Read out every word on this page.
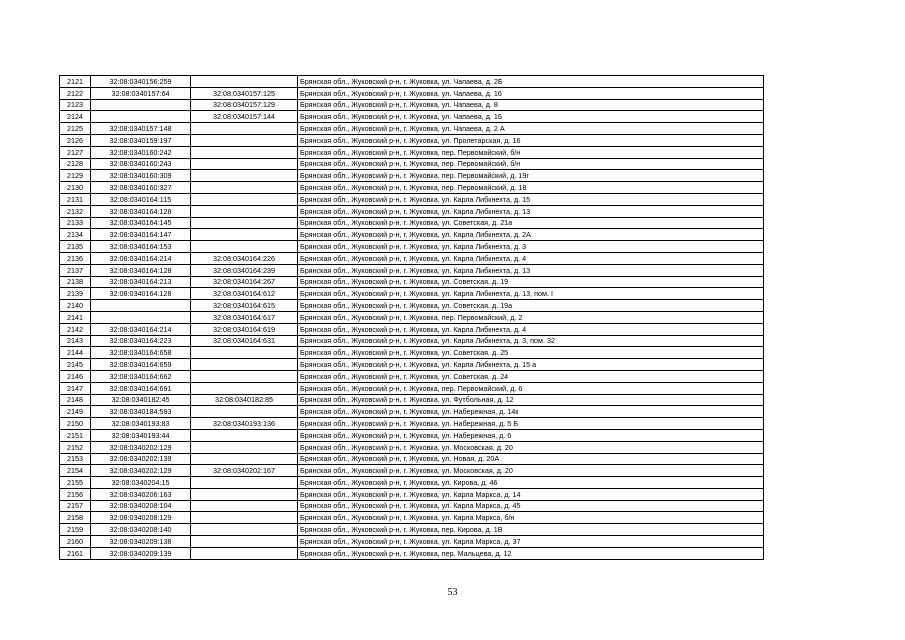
2121	32:08:0340156:259		Брянская обл., Жуковский р-н, г. Жуковка, ул. Чапаева, д. 2Б
2122	32:08:0340157:64	32:08:0340157:125	Брянская обл., Жуковский р-н, г. Жуковка, ул. Чапаева, д. 16
2123		32:08:0340157:129	Брянская обл., Жуковский р-н, г. Жуковка, ул. Чапаева, д. 8
2124		32:08:0340157:144	Брянская обл., Жуковский р-н, г. Жуковка, ул. Чапаева, д. 16
2125	32:08:0340157:148		Брянская обл., Жуковский р-н, г. Жуковка, ул. Чапаева, д. 2 А
2126	32:08:0340159:197		Брянская обл., Жуковский р-н, г. Жуковка, ул. Пролетарская, д. 16
2127	32:08:0340160:242		Брянская обл., Жуковский р-н, г. Жуковка, пер. Первомайский, б/н
2128	32:08:0340160:243		Брянская обл., Жуковский р-н, г. Жуковка, пер. Первомайский, б/н
2129	32:08:0340160:309		Брянская обл., Жуковский р-н, г. Жуковка, пер. Первомайский, д. 19г
2130	32:08:0340160:327		Брянская обл., Жуковский р-н, г. Жуковка, пер. Первомайский, д. 18
2131	32:08:0340164:115		Брянская обл., Жуковский р-н, г. Жуковка, ул. Карла Либкнехта, д. 15
2132	32:08:0340164:128		Брянская обл., Жуковский р-н, г. Жуковка, ул. Карла Либкнехта, д. 13
2133	32:08:0340164:145		Брянская обл., Жуковский р-н, г. Жуковка, ул. Советская, д. 21а
2134	32:08:0340164:147		Брянская обл., Жуковский р-н, г. Жуковка, ул. Карла Либкнехта, д. 2А
2135	32:08:0340164:153		Брянская обл., Жуковский р-н, г. Жуковка, ул. Карла Либкнехта, д. 3
2136	32:08:0340164:214	32:08:0340164:226	Брянская обл., Жуковский р-н, г. Жуковка, ул. Карла Либкнехта, д. 4
2137	32:08:0340164:128	32:08:0340164:239	Брянская обл., Жуковский р-н, г. Жуковка, ул. Карла Либкнехта, д. 13
2138	32:08:0340164:213	32:08:0340164:267	Брянская обл., Жуковский р-н, г. Жуковка, ул. Советская, д. 19
2139	32:08:0340164:128	32:08:0340164:612	Брянская обл., Жуковский р-н, г. Жуковка, ул. Карла Либкнехта, д. 13, пом. I
2140		32:08:0340164:615	Брянская обл., Жуковский р-н, г. Жуковка, ул. Советская, д. 19а
2141		32:08:0340164:617	Брянская обл., Жуковский р-н, г. Жуковка, пер. Первомайский, д. 2
2142	32:08:0340164:214	32:08:0340164:619	Брянская обл., Жуковский р-н, г. Жуковка, ул. Карла Либкнехта, д. 4
2143	32:08:0340164:223	32:08:0340164:631	Брянская обл., Жуковский р-н, г. Жуковка, ул. Карла Либкнехта, д. 3, пом. 32
2144	32:08:0340164:658		Брянская обл., Жуковский р-н, г. Жуковка, ул. Советская, д. 25
2145	32:08:0340164:659		Брянская обл., Жуковский р-н, г. Жуковка, ул. Карла Либкнехта, д. 15 а
2146	32:08:0340164:662		Брянская обл., Жуковский р-н, г. Жуковка, ул. Советская, д. 24
2147	32:08:0340164:691		Брянская обл., Жуковский р-н, г. Жуковка, пер. Первомайский, д. 6
2148	32:08:0340182:45	32:08:0340182:85	Брянская обл., Жуковский р-н, г. Жуковка, ул. Футбольная, д. 12
2149	32:08:0340184:593		Брянская обл., Жуковский р-н, г. Жуковка, ул. Набережная, д. 14к
2150	32:08:0340193:83	32:08:0340193:136	Брянская обл., Жуковский р-н, г. Жуковка, ул. Набережная, д. 5 Б
2151	32:08:0340193:44		Брянская обл., Жуковский р-н, г. Жуковка, ул. Набережная, д. 6
2152	32:08:0340202:129		Брянская обл., Жуковский р-н, г. Жуковка, ул. Московская, д. 20
2153	32:08:0340202:139		Брянская обл., Жуковский р-н, г. Жуковка, ул. Новая, д. 20А
2154	32:08:0340202:129	32:08:0340202:167	Брянская обл., Жуковский р-н, г. Жуковка, ул. Московская, д. 20
2155	32:08:0340204:15		Брянская обл., Жуковский р-н, г. Жуковка, ул. Кирова, д. 46
2156	32:08:0340206:163		Брянская обл., Жуковский р-н, г. Жуковка, ул. Карла Маркса, д. 14
2157	32:08:0340208:104		Брянская обл., Жуковский р-н, г. Жуковка, ул. Карла Маркса, д. 45
2158	32:08:0340208:129		Брянская обл., Жуковский р-н, г. Жуковка, ул. Карла Маркса, б/н
2159	32:08:0340208:140		Брянская обл., Жуковский р-н, г. Жуковка, пер. Кирова, д. 1В
2160	32:08:0340209:138		Брянская обл., Жуковский р-н, г. Жуковка, ул. Карла Маркса, д. 37
2161	32:08:0340209:139		Брянская обл., Жуковский р-н, г. Жуковка, пер. Мальцева, д. 12
53
